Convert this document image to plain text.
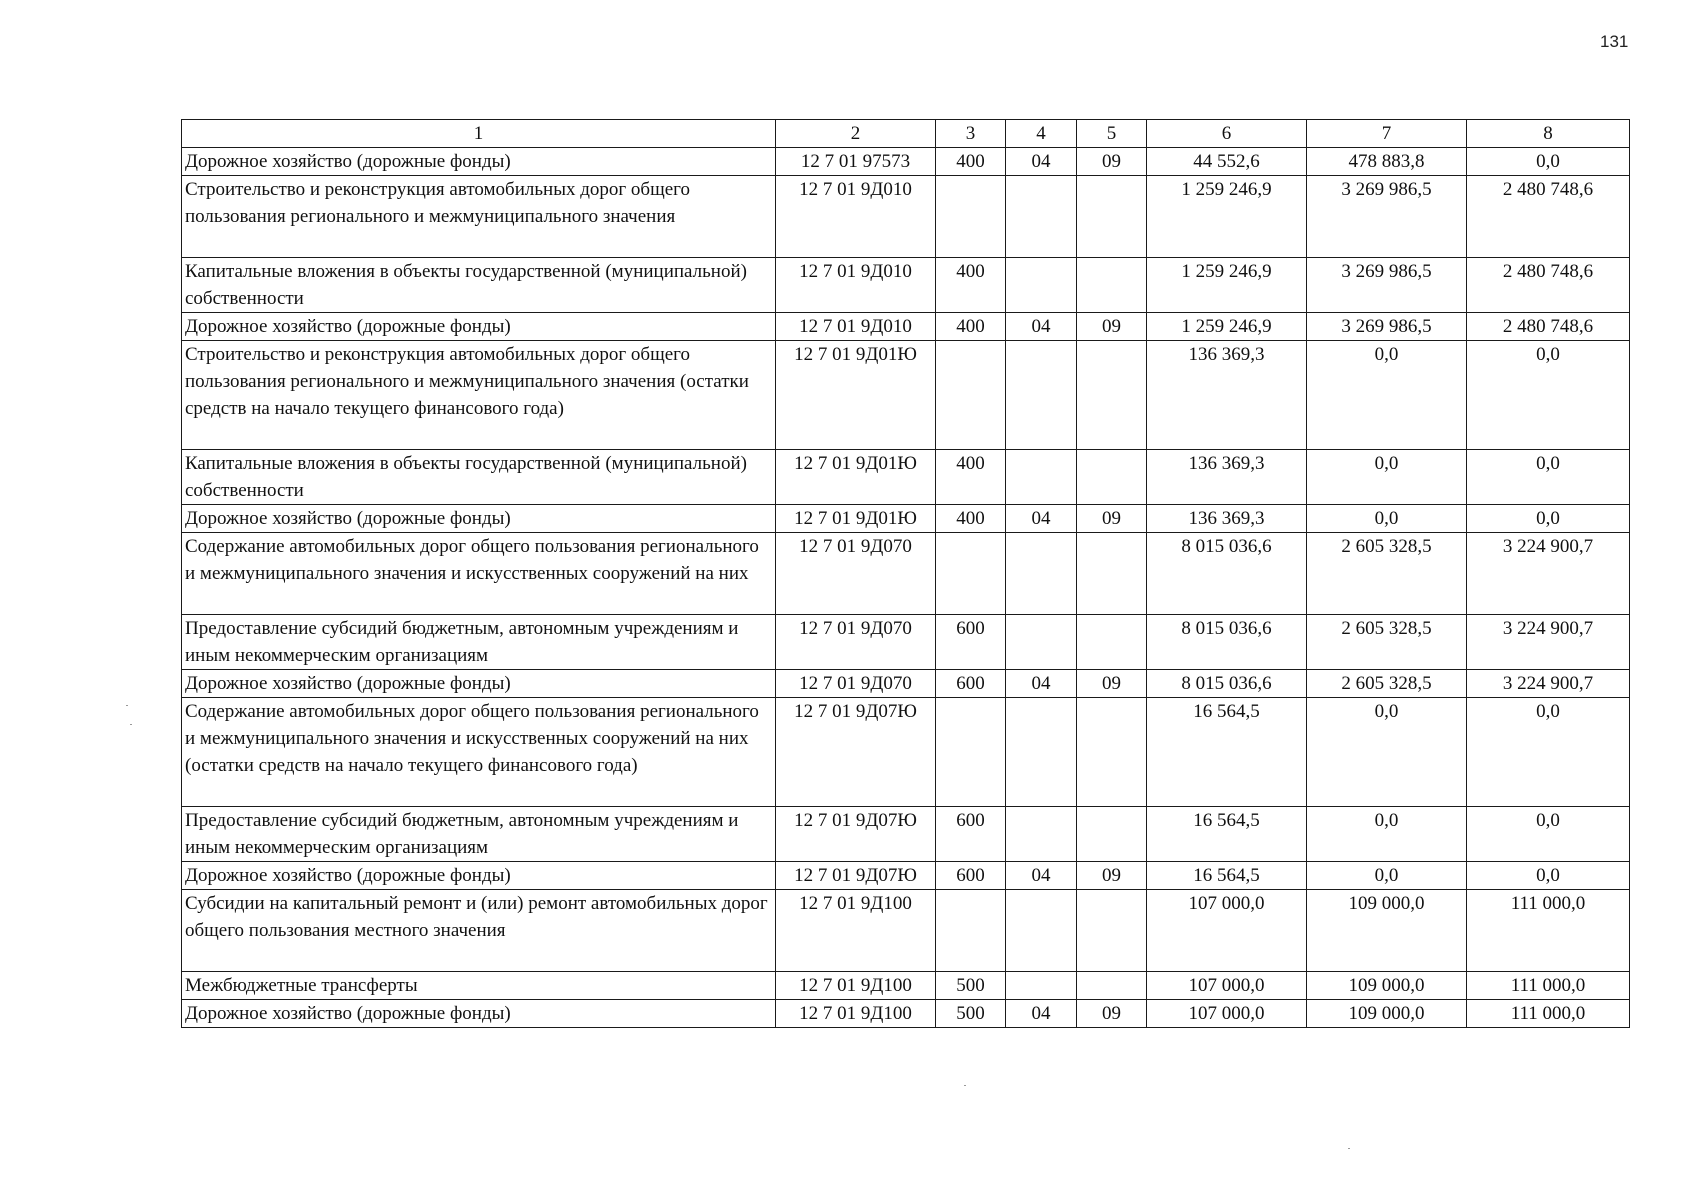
131
1	2	3	4	5	6	7	8
Дорожное хозяйство (дорожные фонды)	12 7 01 97573	400	04	09	44 552,6	478 883,8	0,0
Строительство и реконструкция автомобильных дорог общего пользования регионального и межмуниципального значения	12 7 01 9Д010				1 259 246,9	3 269 986,5	2 480 748,6
Капитальные вложения в объекты государственной (муниципальной) собственности	12 7 01 9Д010	400			1 259 246,9	3 269 986,5	2 480 748,6
Дорожное хозяйство (дорожные фонды)	12 7 01 9Д010	400	04	09	1 259 246,9	3 269 986,5	2 480 748,6
Строительство и реконструкция автомобильных дорог общего пользования регионального и межмуниципального значения (остатки средств на начало текущего финансового года)	12 7 01 9Д01Ю				136 369,3	0,0	0,0
Капитальные вложения в объекты государственной (муниципальной) собственности	12 7 01 9Д01Ю	400			136 369,3	0,0	0,0
Дорожное хозяйство (дорожные фонды)	12 7 01 9Д01Ю	400	04	09	136 369,3	0,0	0,0
Содержание автомобильных дорог общего пользования регионального и межмуниципального значения и искусственных сооружений на них	12 7 01 9Д070				8 015 036,6	2 605 328,5	3 224 900,7
Предоставление субсидий бюджетным, автономным учреждениям и иным некоммерческим организациям	12 7 01 9Д070	600			8 015 036,6	2 605 328,5	3 224 900,7
Дорожное хозяйство (дорожные фонды)	12 7 01 9Д070	600	04	09	8 015 036,6	2 605 328,5	3 224 900,7
Содержание автомобильных дорог общего пользования регионального и межмуниципального значения и искусственных сооружений на них (остатки средств на начало текущего финансового года)	12 7 01 9Д07Ю				16 564,5	0,0	0,0
Предоставление субсидий бюджетным, автономным учреждениям и иным некоммерческим организациям	12 7 01 9Д07Ю	600			16 564,5	0,0	0,0
Дорожное хозяйство (дорожные фонды)	12 7 01 9Д07Ю	600	04	09	16 564,5	0,0	0,0
Субсидии на капитальный ремонт и (или) ремонт автомобильных дорог общего пользования местного значения	12 7 01 9Д100				107 000,0	109 000,0	111 000,0
Межбюджетные трансферты	12 7 01 9Д100	500			107 000,0	109 000,0	111 000,0
Дорожное хозяйство (дорожные фонды)	12 7 01 9Д100	500	04	09	107 000,0	109 000,0	111 000,0
